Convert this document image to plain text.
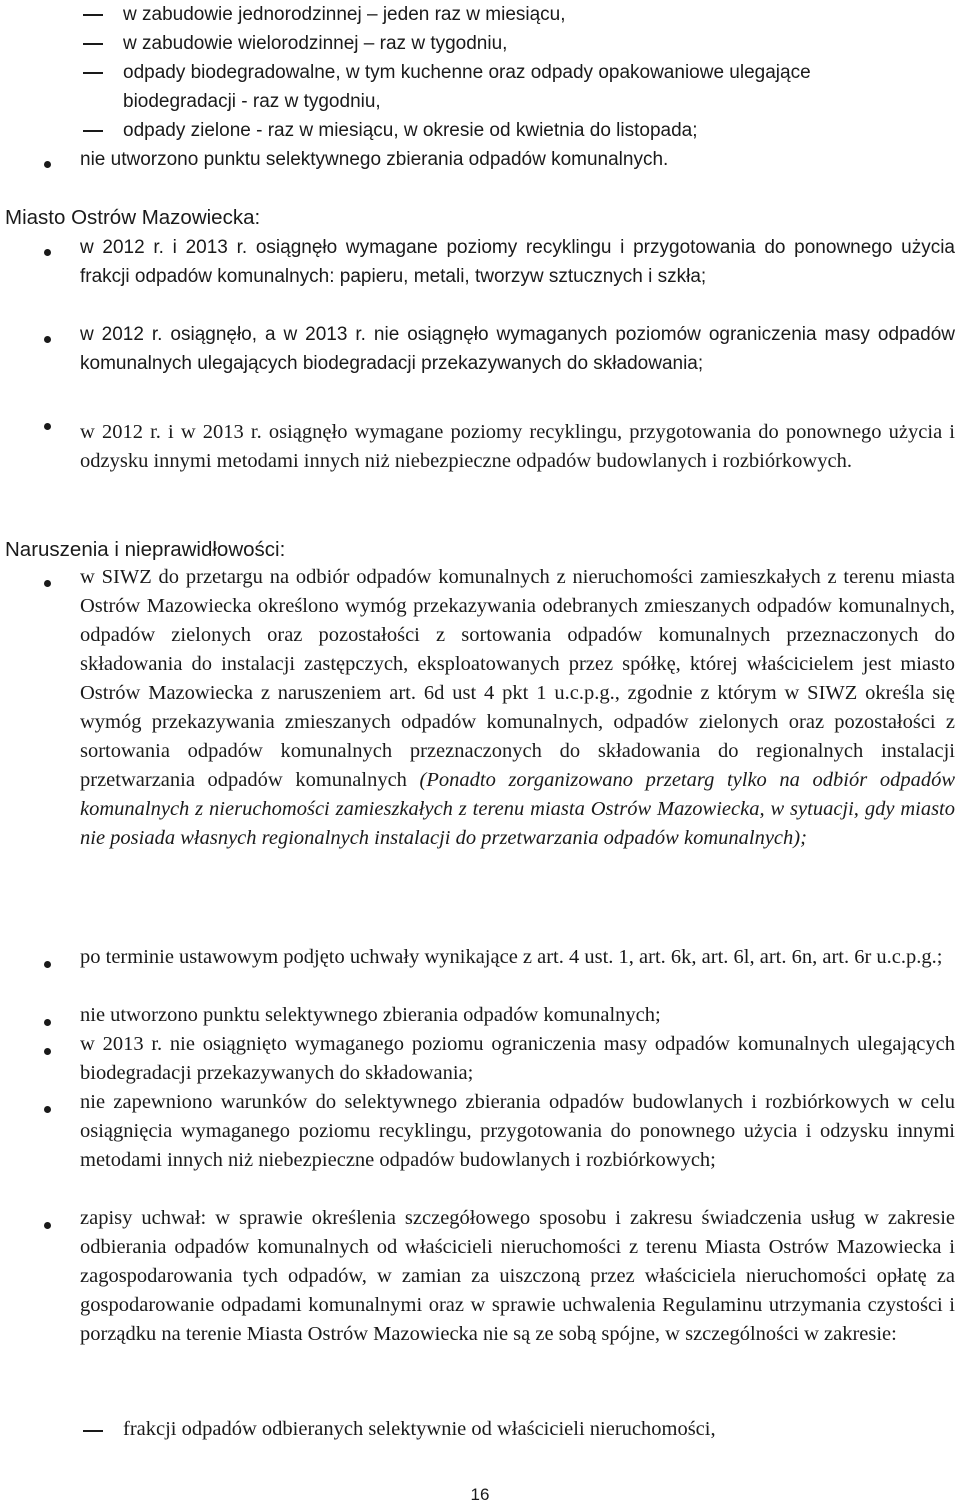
w zabudowie jednorodzinnej – jeden raz w miesiącu,
w zabudowie wielorodzinnej – raz w tygodniu,
odpady biodegradowalne, w tym kuchenne oraz odpady opakowaniowe ulegające
biodegradacji - raz w tygodniu,
odpady zielone - raz w miesiącu, w okresie od kwietnia do listopada;
nie utworzono punktu selektywnego zbierania odpadów komunalnych.
Miasto Ostrów Mazowiecka:
w 2012 r. i 2013 r. osiągnęło wymagane poziomy recyklingu i przygotowania do ponownego użycia frakcji odpadów komunalnych: papieru, metali, tworzyw sztucznych i szkła;
w 2012 r. osiągnęło, a w 2013 r. nie osiągnęło wymaganych poziomów ograniczenia masy odpadów komunalnych ulegających biodegradacji przekazywanych do składowania;
w 2012 r. i w 2013 r. osiągnęło wymagane poziomy recyklingu, przygotowania do ponownego użycia i odzysku innymi metodami innych niż niebezpieczne odpadów budowlanych i rozbiórkowych.
Naruszenia i nieprawidłowości:
w SIWZ do przetargu na odbiór odpadów komunalnych z nieruchomości zamieszkałych z terenu miasta Ostrów Mazowiecka określono wymóg przekazywania odebranych zmieszanych odpadów komunalnych, odpadów zielonych oraz pozostałości z sortowania odpadów komunalnych przeznaczonych do składowania do instalacji zastępczych, eksploatowanych przez spółkę, której właścicielem jest miasto Ostrów Mazowiecka z naruszeniem art. 6d ust 4 pkt 1 u.c.p.g., zgodnie z którym w SIWZ określa się wymóg przekazywania zmieszanych odpadów komunalnych, odpadów zielonych oraz pozostałości z sortowania odpadów komunalnych przeznaczonych do składowania do regionalnych instalacji przetwarzania odpadów komunalnych (Ponadto zorganizowano przetarg tylko na odbiór odpadów komunalnych z nieruchomości zamieszkałych z terenu miasta Ostrów Mazowiecka, w sytuacji, gdy miasto nie posiada własnych regionalnych instalacji do przetwarzania odpadów komunalnych);
po terminie ustawowym podjęto uchwały wynikające z art. 4 ust. 1, art. 6k, art. 6l, art. 6n, art. 6r u.c.p.g.;
nie utworzono punktu selektywnego zbierania odpadów komunalnych;
w 2013 r. nie osiągnięto wymaganego poziomu ograniczenia masy odpadów komunalnych ulegających biodegradacji przekazywanych do składowania;
nie zapewniono warunków do selektywnego zbierania odpadów budowlanych i rozbiórkowych w celu osiągnięcia wymaganego poziomu recyklingu, przygotowania do ponownego użycia i odzysku innymi metodami innych niż niebezpieczne odpadów budowlanych i rozbiórkowych;
zapisy uchwał: w sprawie określenia szczegółowego sposobu i zakresu świadczenia usług w zakresie odbierania odpadów komunalnych od właścicieli nieruchomości z terenu Miasta Ostrów Mazowiecka i zagospodarowania tych odpadów, w zamian za uiszczoną przez właściciela nieruchomości opłatę za gospodarowanie odpadami komunalnymi oraz w sprawie uchwalenia Regulaminu utrzymania czystości i porządku na terenie Miasta Ostrów Mazowiecka nie są ze sobą spójne, w szczególności w zakresie:
frakcji odpadów odbieranych selektywnie od właścicieli nieruchomości,
16
